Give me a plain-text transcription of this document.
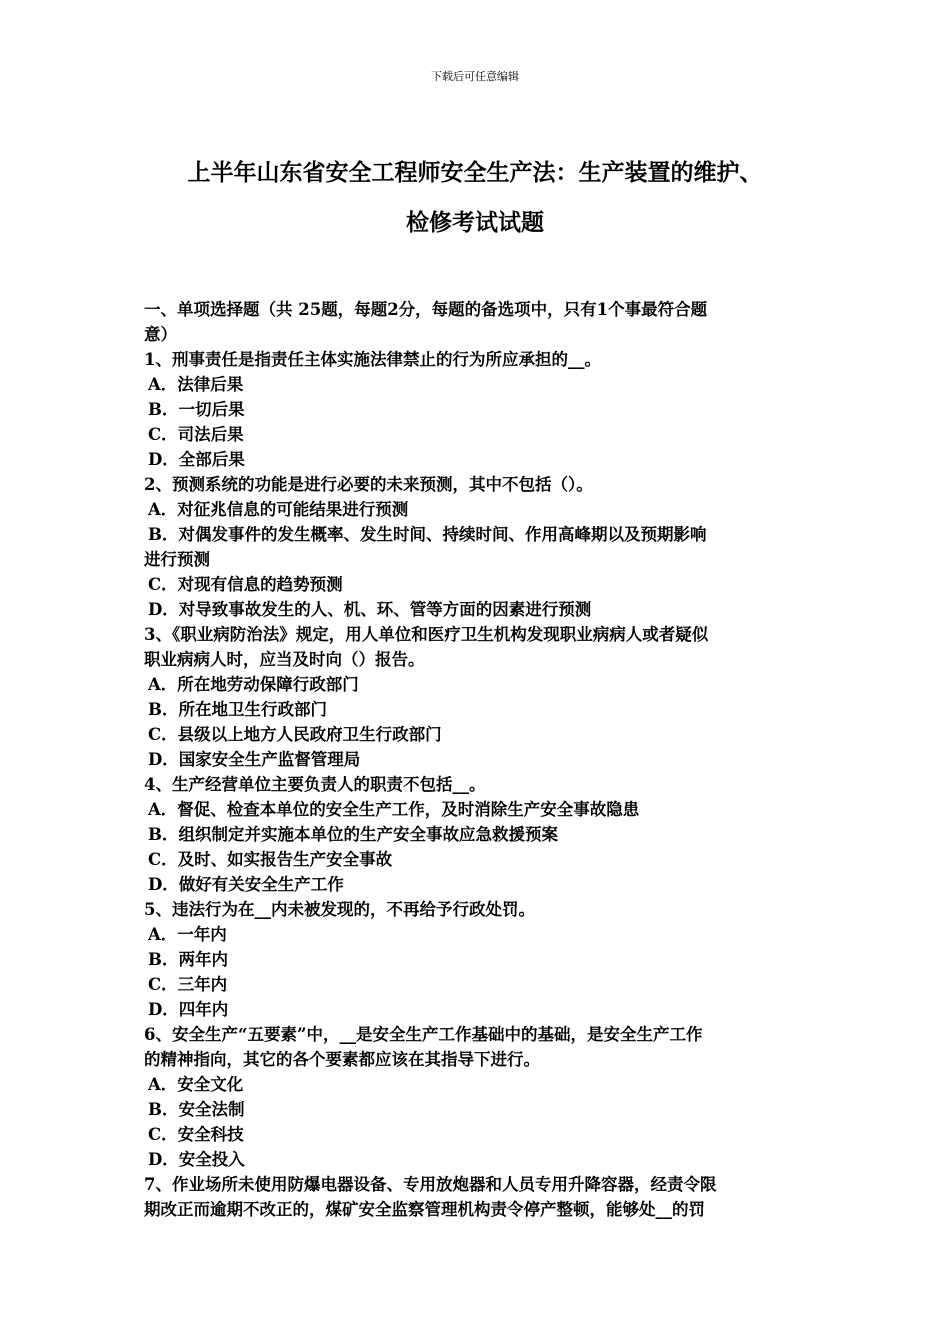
下载后可任意编辑
上半年山东省安全工程师安全生产法：生产装置的维护、
检修考试试题
一、单项选择题（共 25题，每题2分，每题的备选项中，只有1个事最符合题
意）
1、刑事责任是指责任主体实施法律禁止的行为所应承担的__。
A．法律后果
B．一切后果
C．司法后果
D．全部后果
2、预测系统的功能是进行必要的未来预测，其中不包括（）。
A．对征兆信息的可能结果进行预测
B．对偶发事件的发生概率、发生时间、持续时间、作用高峰期以及预期影响
进行预测
C．对现有信息的趋势预测
D．对导致事故发生的人、机、环、管等方面的因素进行预测
3、《职业病防治法》规定，用人单位和医疗卫生机构发现职业病病人或者疑似
职业病病人时，应当及时向（）报告。
A．所在地劳动保障行政部门
B．所在地卫生行政部门
C．县级以上地方人民政府卫生行政部门
D．国家安全生产监督管理局
4、生产经营单位主要负责人的职责不包括__。
A．督促、检查本单位的安全生产工作，及时消除生产安全事故隐患
B．组织制定并实施本单位的生产安全事故应急救援预案
C．及时、如实报告生产安全事故
D．做好有关安全生产工作
5、违法行为在__内未被发现的，不再给予行政处罚。
A．一年内
B．两年内
C．三年内
D．四年内
6、安全生产“五要素”中，__是安全生产工作基础中的基础，是安全生产工作
的精神指向，其它的各个要素都应该在其指导下进行。
A．安全文化
B．安全法制
C．安全科技
D．安全投入
7、作业场所未使用防爆电器设备、专用放炮器和人员专用升降容器，经责令限
期改正而逾期不改正的，煤矿安全监察管理机构责令停产整顿，能够处__的罚
